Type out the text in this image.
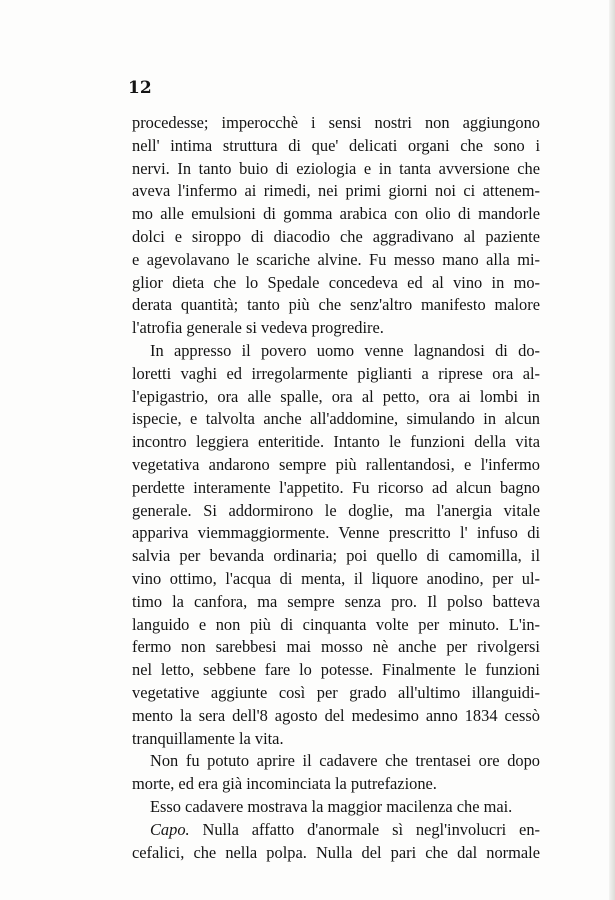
12
procedesse; imperocchè i sensi nostri non aggiungono
nell' intima struttura di que' delicati organi che sono i
nervi. In tanto buio di eziologia e in tanta avversione che
aveva l'infermo ai rimedi, nei primi giorni noi ci attenem-
mo alle emulsioni di gomma arabica con olio di mandorle
dolci e siroppo di diacodio che aggradivano al paziente
e agevolavano le scariche alvine. Fu messo mano alla mi-
glior dieta che lo Spedale concedeva ed al vino in mo-
derata quantità; tanto più che senz'altro manifesto malore
l'atrofia generale si vedeva progredire.
In appresso il povero uomo venne lagnandosi di do-
loretti vaghi ed irregolarmente piglianti a riprese ora al-
l'epigastrio, ora alle spalle, ora al petto, ora ai lombi in
ispecie, e talvolta anche all'addomine, simulando in alcun
incontro leggiera enteritide. Intanto le funzioni della vita
vegetativa andarono sempre più rallentandosi, e l'infermo
perdette interamente l'appetito. Fu ricorso ad alcun bagno
generale. Si addormirono le doglie, ma l'anergia vitale
appariva viemmaggiormente. Venne prescritto l' infuso di
salvia per bevanda ordinaria; poi quello di camomilla, il
vino ottimo, l'acqua di menta, il liquore anodino, per ul-
timo la canfora, ma sempre senza pro. Il polso batteva
languido e non più di cinquanta volte per minuto. L'in-
fermo non sarebbesi mai mosso nè anche per rivolgersi
nel letto, sebbene fare lo potesse. Finalmente le funzioni
vegetative aggiunte così per grado all'ultimo illanguidi-
mento la sera dell'8 agosto del medesimo anno 1834 cessò
tranquillamente la vita.
Non fu potuto aprire il cadavere che trentasei ore dopo
morte, ed era già incominciata la putrefazione.
Esso cadavere mostrava la maggior macilenza che mai.
Capo. Nulla affatto d'anormale sì negl'involucri en-
cefalici, che nella polpa. Nulla del pari che dal normale
